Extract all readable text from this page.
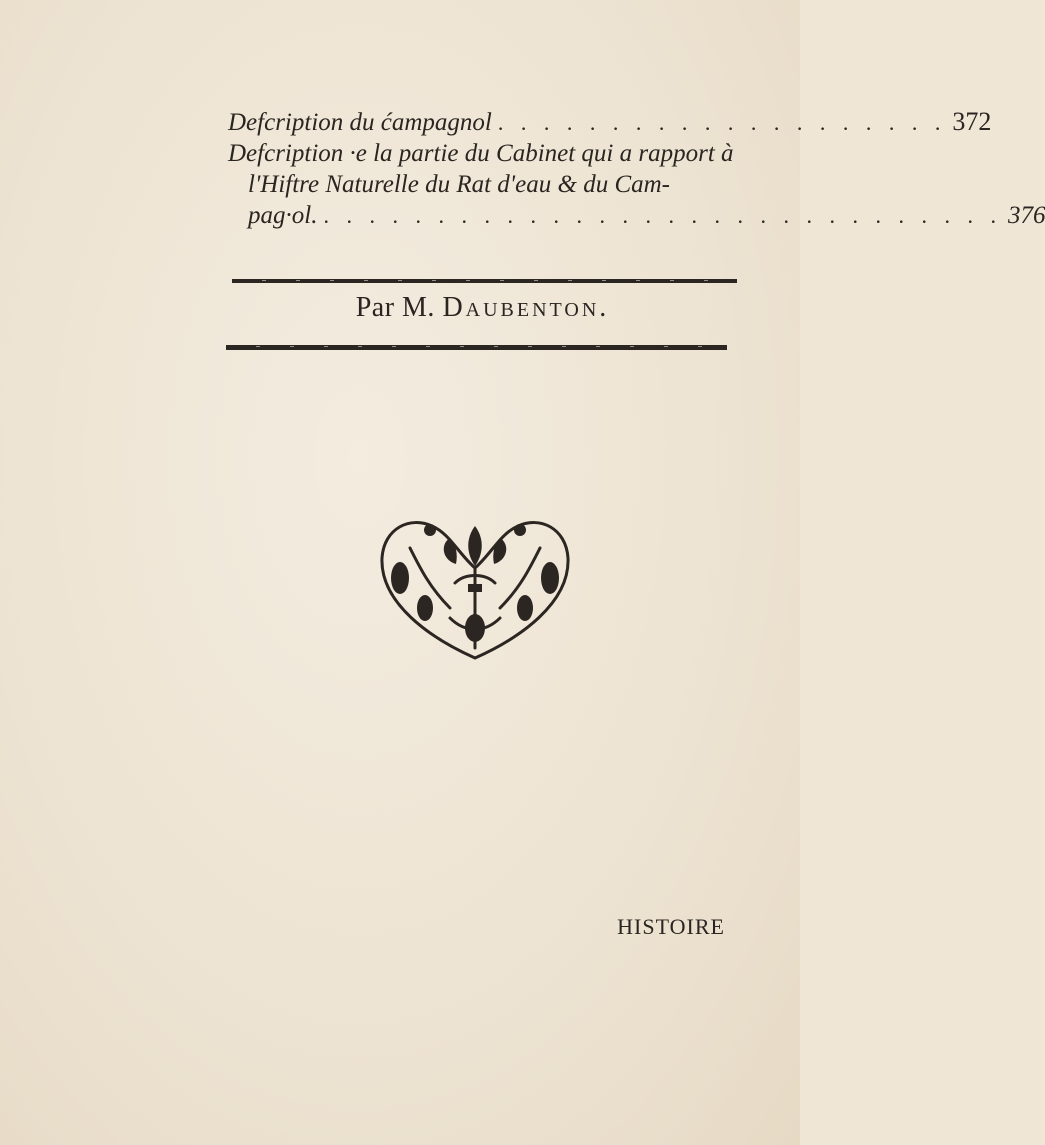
Defcription du ćampagnol . . . . . . . . . . . . . . . . . . . . 372
Defcription ·e la partie du Cabinet qui a rapport à
l'Hiftre Naturelle du Rat d'eau & du Cam-
pag·ol. . . . . . . . . . . . . . . . . . . . . . . . . . . . . . . 376
Par M. Daubenton.
HISTOIRE
